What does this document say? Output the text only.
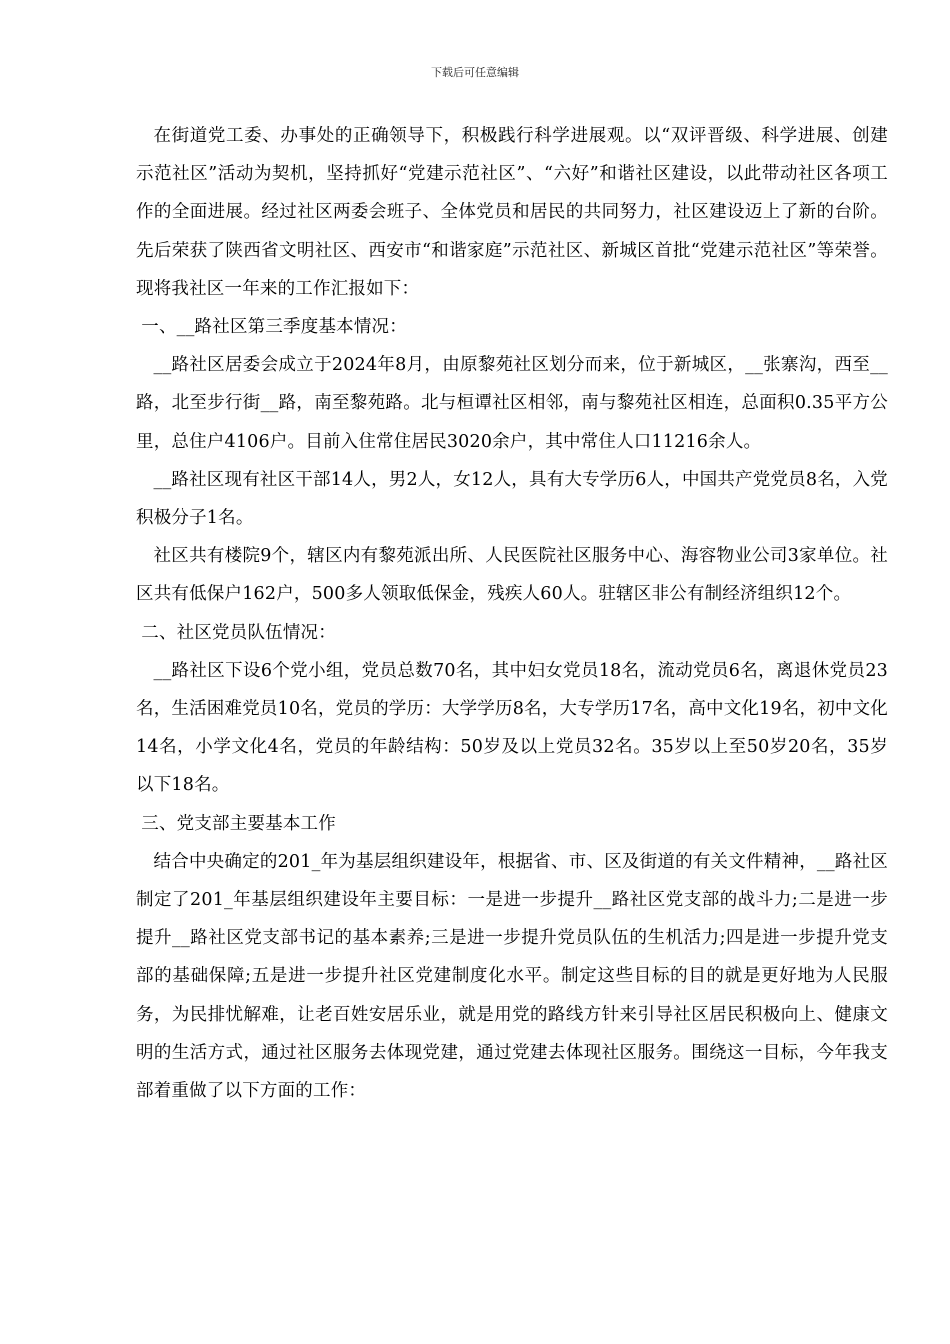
下载后可任意编辑

在街道党工委、办事处的正确领导下，积极践行科学进展观。以“双评晋级、科学进展、创建示范社区”活动为契机，坚持抓好“党建示范社区”、“六好”和谐社区建设，以此带动社区各项工作的全面进展。经过社区两委会班子、全体党员和居民的共同努力，社区建设迈上了新的台阶。先后荣获了陕西省文明社区、西安市“和谐家庭”示范社区、新城区首批“党建示范社区”等荣誉。现将我社区一年来的工作汇报如下：

一、__路社区第三季度基本情况：

__路社区居委会成立于2024年8月，由原黎苑社区划分而来，位于新城区，__张寨沟，西至__路，北至步行街__路，南至黎苑路。北与桓谭社区相邻，南与黎苑社区相连，总面积0.35平方公里，总住户4106户。目前入住常住居民3020余户，其中常住人口11216余人。

__路社区现有社区干部14人，男2人，女12人，具有大专学历6人，中国共产党党员8名，入党积极分子1名。

社区共有楼院9个，辖区内有黎苑派出所、人民医院社区服务中心、海容物业公司3家单位。社区共有低保户162户，500多人领取低保金，残疾人60人。驻辖区非公有制经济组织12个。

二、社区党员队伍情况：

__路社区下设6个党小组，党员总数70名，其中妇女党员18名，流动党员6名，离退休党员23名，生活困难党员10名，党员的学历：大学学历8名，大专学历17名，高中文化19名，初中文化14名，小学文化4名，党员的年龄结构：50岁及以上党员32名。35岁以上至50岁20名，35岁以下18名。

三、党支部主要基本工作

结合中央确定的201_年为基层组织建设年，根据省、市、区及街道的有关文件精神，__路社区制定了201_年基层组织建设年主要目标：一是进一步提升__路社区党支部的战斗力;二是进一步提升__路社区党支部书记的基本素养;三是进一步提升党员队伍的生机活力;四是进一步提升党支部的基础保障;五是进一步提升社区党建制度化水平。制定这些目标的目的就是更好地为人民服务，为民排忧解难，让老百姓安居乐业，就是用党的路线方针来引导社区居民积极向上、健康文明的生活方式，通过社区服务去体现党建，通过党建去体现社区服务。围绕这一目标，今年我支部着重做了以下方面的工作：
